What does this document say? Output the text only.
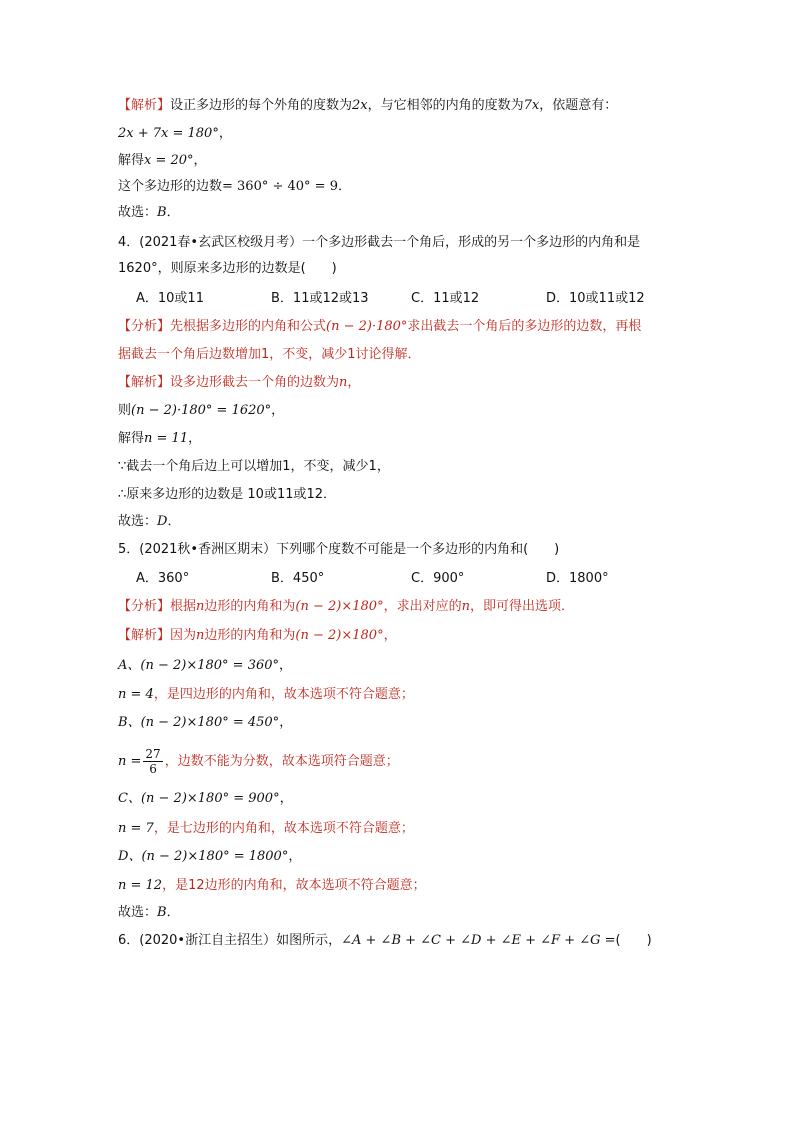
【解析】设正多边形的每个外角的度数为2x，与它相邻的内角的度数为7x，依题意有：
2x + 7x = 180°，
解得x = 20°，
这个多边形的边数= 360° ÷ 40° = 9．
故选：B．
4．(2021春•玄武区校级月考）一个多边形截去一个角后，形成的另一个多边形的内角和是
1620°，则原来多边形的边数是(　　)
A．10或11	B．11或12或13	C．11或12	D．10或11或12
【分析】先根据多边形的内角和公式(n − 2)·180°求出截去一个角后的多边形的边数，再根
据截去一个角后边数增加1，不变，减少1讨论得解．
【解析】设多边形截去一个角的边数为n，
则(n − 2)·180° = 1620°，
解得n = 11，
∵截去一个角后边上可以增加1，不变，减少1，
∴原来多边形的边数是 10或11或12．
故选：D．
5．(2021秋•香洲区期末）下列哪个度数不可能是一个多边形的内角和(　　)
A．360°	B．450°	C．900°	D．1800°
【分析】根据n边形的内角和为(n − 2)×180°，求出对应的n，即可得出选项．
【解析】因为n边形的内角和为(n − 2)×180°，
A、(n − 2)×180° = 360°，
n = 4，是四边形的内角和，故本选项不符合题意；
B、(n − 2)×180° = 450°，
$n = \frac{27}{6}$ ，边数不能为分数，故本选项符合题意；
C、(n − 2)×180° = 900°，
n = 7，是七边形的内角和，故本选项不符合题意；
D、(n − 2)×180° = 1800°，
n = 12，是12边形的内角和，故本选项不符合题意；
故选：B．
6．(2020•浙江自主招生）如图所示，∠A + ∠B + ∠C + ∠D + ∠E + ∠F + ∠G =(　　)
